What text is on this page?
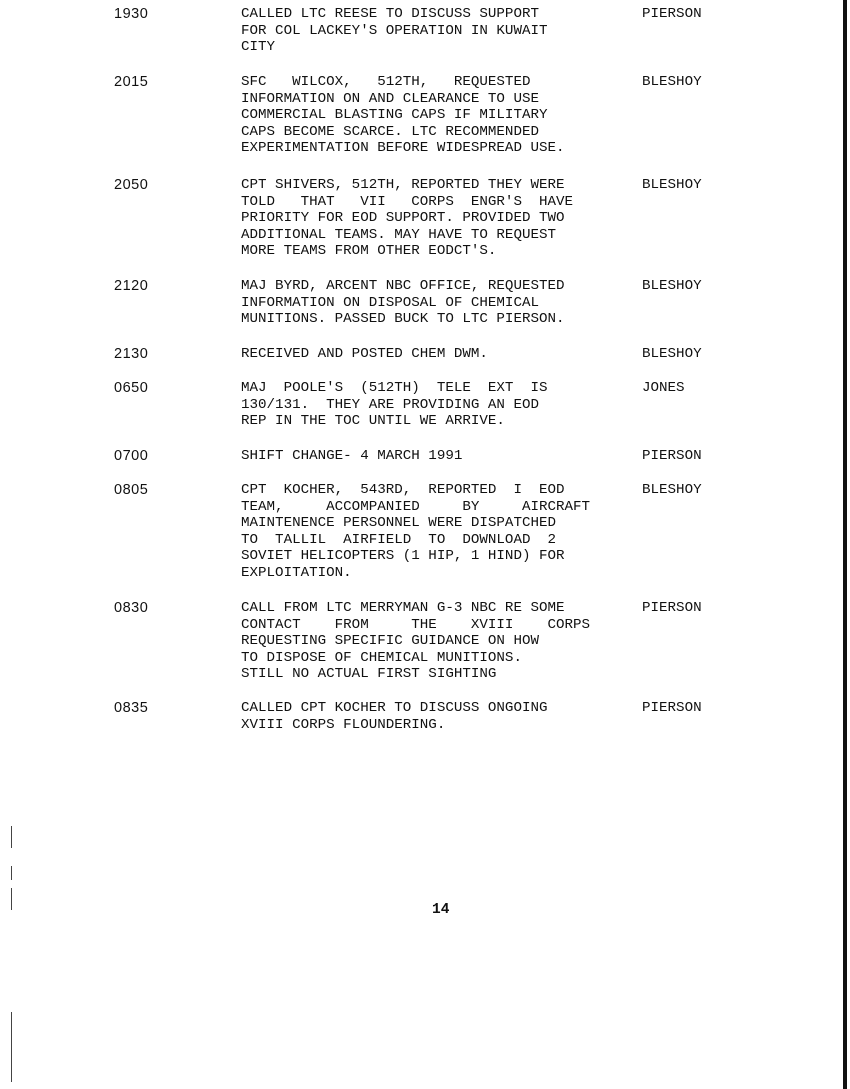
1930	CALLED LTC REESE TO DISCUSS SUPPORT
FOR COL LACKEY'S OPERATION IN KUWAIT
CITY
PIERSON
2015	SFC   WILCOX,   512TH,   REQUESTED
INFORMATION ON AND CLEARANCE TO USE
COMMERCIAL BLASTING CAPS IF MILITARY
CAPS BECOME SCARCE. LTC RECOMMENDED
EXPERIMENTATION BEFORE WIDESPREAD USE.
BLESHOY
2050	CPT SHIVERS, 512TH, REPORTED THEY WERE
TOLD   THAT   VII   CORPS  ENGR'S  HAVE
PRIORITY FOR EOD SUPPORT. PROVIDED TWO
ADDITIONAL TEAMS. MAY HAVE TO REQUEST
MORE TEAMS FROM OTHER EODCT'S.
BLESHOY
2120	MAJ BYRD, ARCENT NBC OFFICE, REQUESTED
INFORMATION ON DISPOSAL OF CHEMICAL
MUNITIONS. PASSED BUCK TO LTC PIERSON.
BLESHOY
2130	RECEIVED AND POSTED CHEM DWM.	BLESHOY
0650	MAJ  POOLE'S  (512TH)  TELE  EXT  IS
130/131.  THEY ARE PROVIDING AN EOD
REP IN THE TOC UNTIL WE ARRIVE.
JONES
0700	SHIFT CHANGE- 4 MARCH 1991	PIERSON
0805	CPT  KOCHER,  543RD,  REPORTED  I  EOD
TEAM,     ACCOMPANIED     BY     AIRCRAFT
MAINTENENCE PERSONNEL WERE DISPATCHED
TO  TALLIL  AIRFIELD  TO  DOWNLOAD  2
SOVIET HELICOPTERS (1 HIP, 1 HIND) FOR
EXPLOITATION.
BLESHOY
0830	CALL FROM LTC MERRYMAN G-3 NBC RE SOME
CONTACT    FROM     THE    XVIII    CORPS
REQUESTING SPECIFIC GUIDANCE ON HOW
TO DISPOSE OF CHEMICAL MUNITIONS.
STILL NO ACTUAL FIRST SIGHTING
PIERSON
0835	CALLED CPT KOCHER TO DISCUSS ONGOING
XVIII CORPS FLOUNDERING.
PIERSON
14
